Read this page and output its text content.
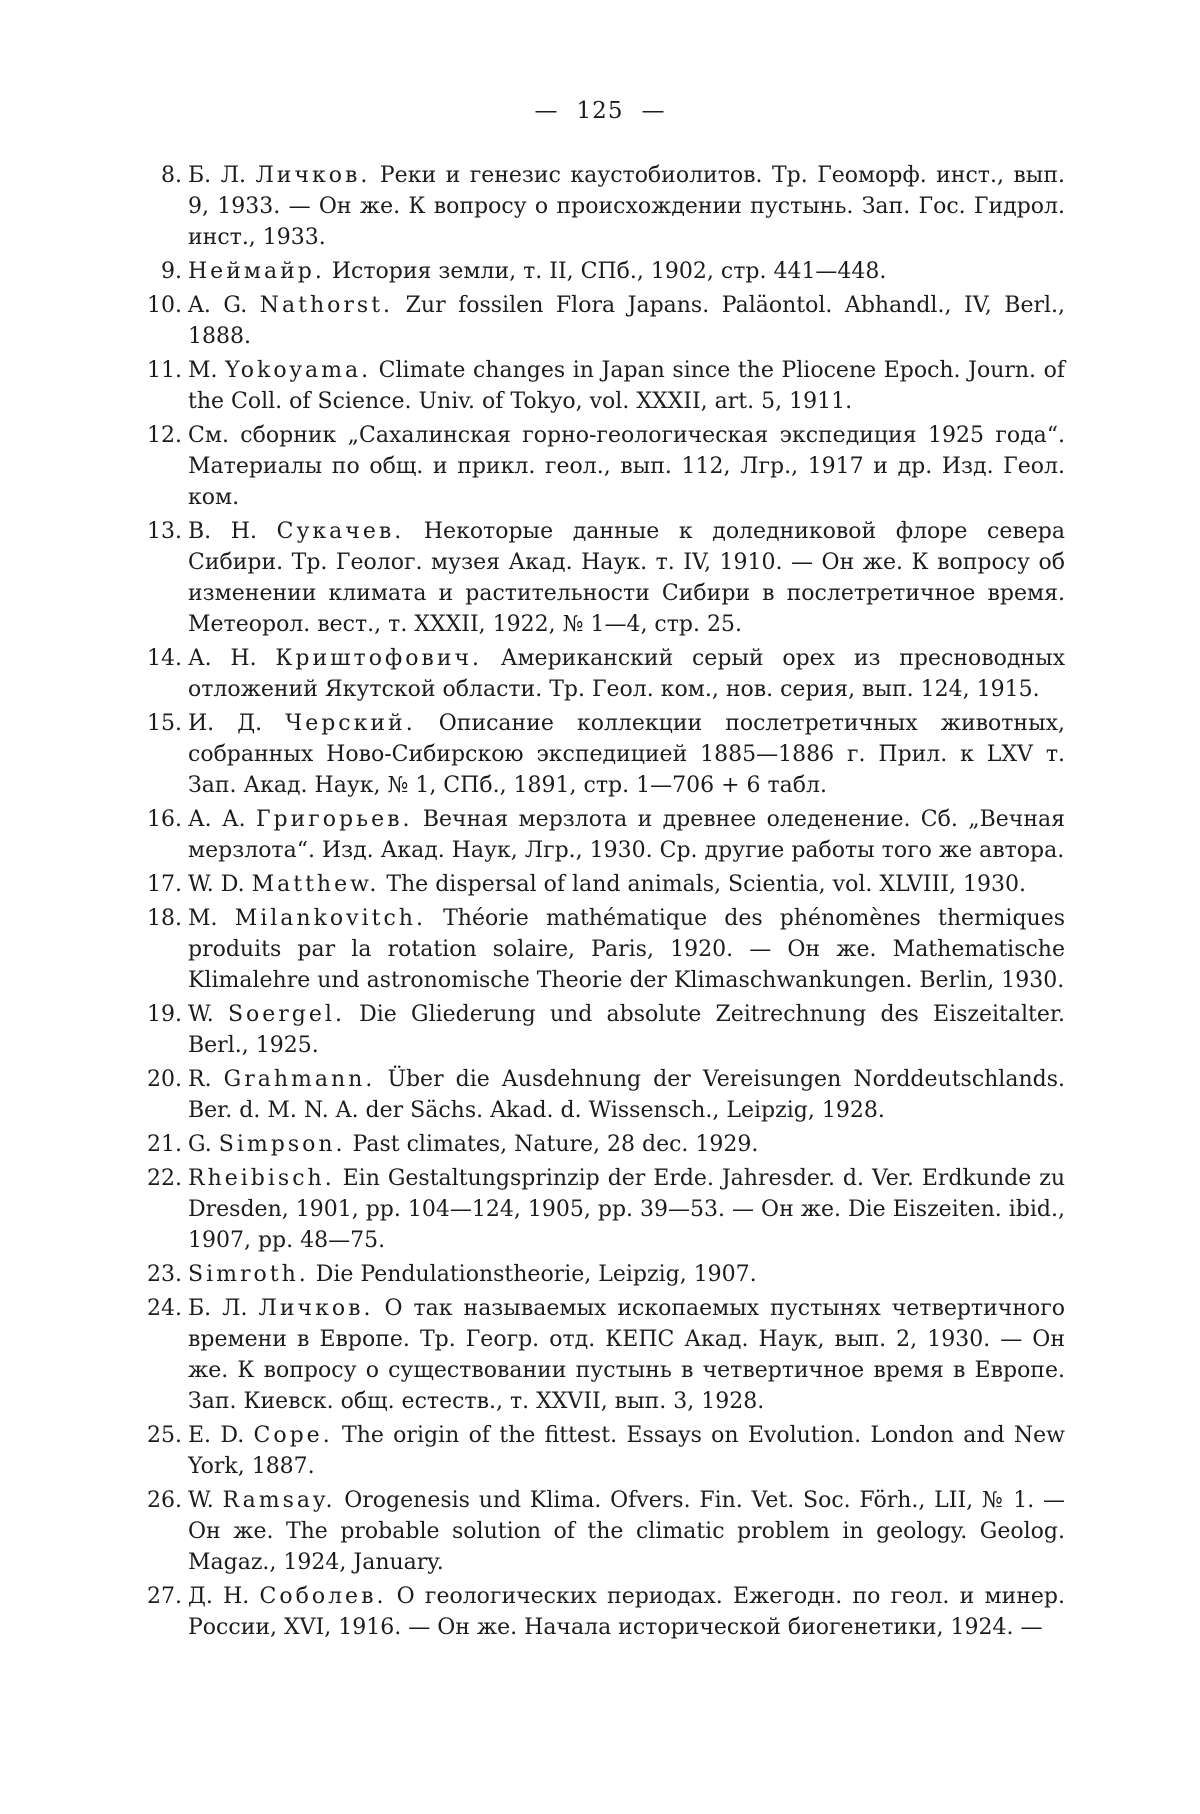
— 125 —
8. Б. Л. Личков. Реки и генезис каустобиолитов. Тр. Геоморф. инст., вып. 9, 1933. — Он же. К вопросу о происхождении пустынь. Зап. Гос. Гидрол. инст., 1933.
9. Неймайр. История земли, т. II, СПб., 1902, стр. 441—448.
10. A. G. Nathorst. Zur fossilen Flora Japans. Paläontol. Abhandl., IV, Berl., 1888.
11. M. Yokoyama. Climate changes in Japan since the Pliocene Epoch. Journ. of the Coll. of Science. Univ. of Tokyo, vol. XXXII, art. 5, 1911.
12. См. сборник „Сахалинская горно-геологическая экспедиция 1925 года“. Материалы по общ. и прикл. геол., вып. 112, Лгр., 1917 и др. Изд. Геол. ком.
13. В. Н. Сукачев. Некоторые данные к доледниковой флоре севера Сибири. Тр. Геолог. музея Акад. Наук. т. IV, 1910. — Он же. К вопросу об изменении климата и растительности Сибири в послетретичное время. Метеорол. вест., т. XXXII, 1922, № 1—4, стр. 25.
14. А. Н. Криштофович. Американский серый орех из пресноводных отложений Якутской области. Тр. Геол. ком., нов. серия, вып. 124, 1915.
15. И. Д. Черский. Описание коллекции послетретичных животных, собранных Ново-Сибирскою экспедицией 1885—1886 г. Прил. к LXV т. Зап. Акад. Наук, № 1, СПб., 1891, стр. 1—706 + 6 табл.
16. А. А. Григорьев. Вечная мерзлота и древнее оледенение. Сб. „Вечная мерзлота“. Изд. Акад. Наук, Лгр., 1930. Ср. другие работы того же автора.
17. W. D. Matthew. The dispersal of land animals, Scientia, vol. XLVIII, 1930.
18. M. Milankovitch. Théorie mathématique des phénomènes thermiques produits par la rotation solaire, Paris, 1920. — Он же. Mathematische Klimalehre und astronomische Theorie der Klimaschwankungen. Berlin, 1930.
19. W. Soergel. Die Gliederung und absolute Zeitrechnung des Eiszeitalter. Berl., 1925.
20. R. Grahmann. Über die Ausdehnung der Vereisungen Norddeutschlands. Ber. d. M. N. A. der Sächs. Akad. d. Wissensch., Leipzig, 1928.
21. G. Simpson. Past climates, Nature, 28 dec. 1929.
22. Rheibisch. Ein Gestaltungsprinzip der Erde. Jahresder. d. Ver. Erdkunde zu Dresden, 1901, pp. 104—124, 1905, pp. 39—53. — Он же. Die Eiszeiten. ibid., 1907, pp. 48—75.
23. Simroth. Die Pendulationstheorie, Leipzig, 1907.
24. Б. Л. Личков. О так называемых ископаемых пустынях четвертичного времени в Европе. Тр. Геогр. отд. КЕПС Акад. Наук, вып. 2, 1930. — Он же. К вопросу о существовании пустынь в четвертичное время в Европе. Зап. Киевск. общ. естеств., т. XXVII, вып. 3, 1928.
25. E. D. Cope. The origin of the fittest. Essays on Evolution. London and New York, 1887.
26. W. Ramsay. Orogenesis und Klima. Ofvers. Fin. Vet. Soc. Förh., LII, № 1. — Он же. The probable solution of the climatic problem in geology. Geolog. Magaz., 1924, January.
27. Д. Н. Соболев. О геологических периодах. Ежегодн. по геол. и минер. России, XVI, 1916. — Он же. Начала исторической биогенетики, 1924. —
